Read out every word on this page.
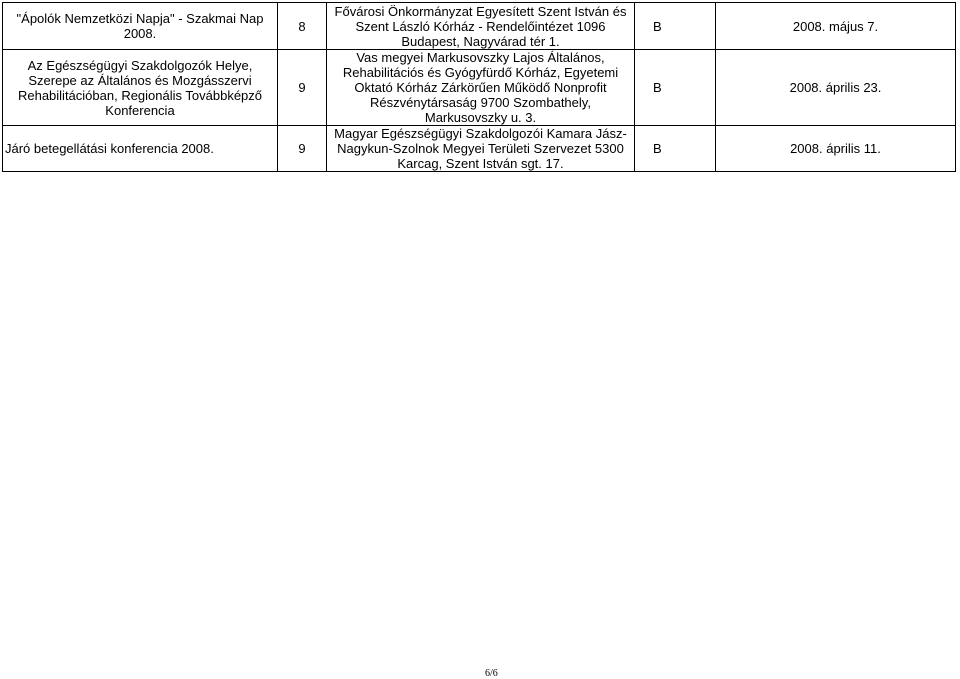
"Ápolók Nemzetközi Napja" - Szakmai Nap 2008.	8	Fővárosi Önkormányzat Egyesített Szent István és Szent László Kórház - Rendelőintézet 1096 Budapest, Nagyvárad tér 1.	B	2008. május 7.
Az Egészségügyi Szakdolgozók Helye, Szerepe az Általános és Mozgásszervi Rehabilitációban, Regionális Továbbképző Konferencia	9	Vas megyei Markusovszky Lajos Általános, Rehabilitációs és Gyógyfürdő Kórház, Egyetemi Oktató Kórház Zárkörűen Működő Nonprofit Részvénytársaság 9700 Szombathely, Markusovszky u. 3.	B	2008. április 23.
Járó betegellátási konferencia 2008.	9	Magyar Egészségügyi Szakdolgozói Kamara Jász-Nagykun-Szolnok Megyei Területi Szervezet 5300 Karcag, Szent István sgt. 17.	B	2008. április 11.
6/6
